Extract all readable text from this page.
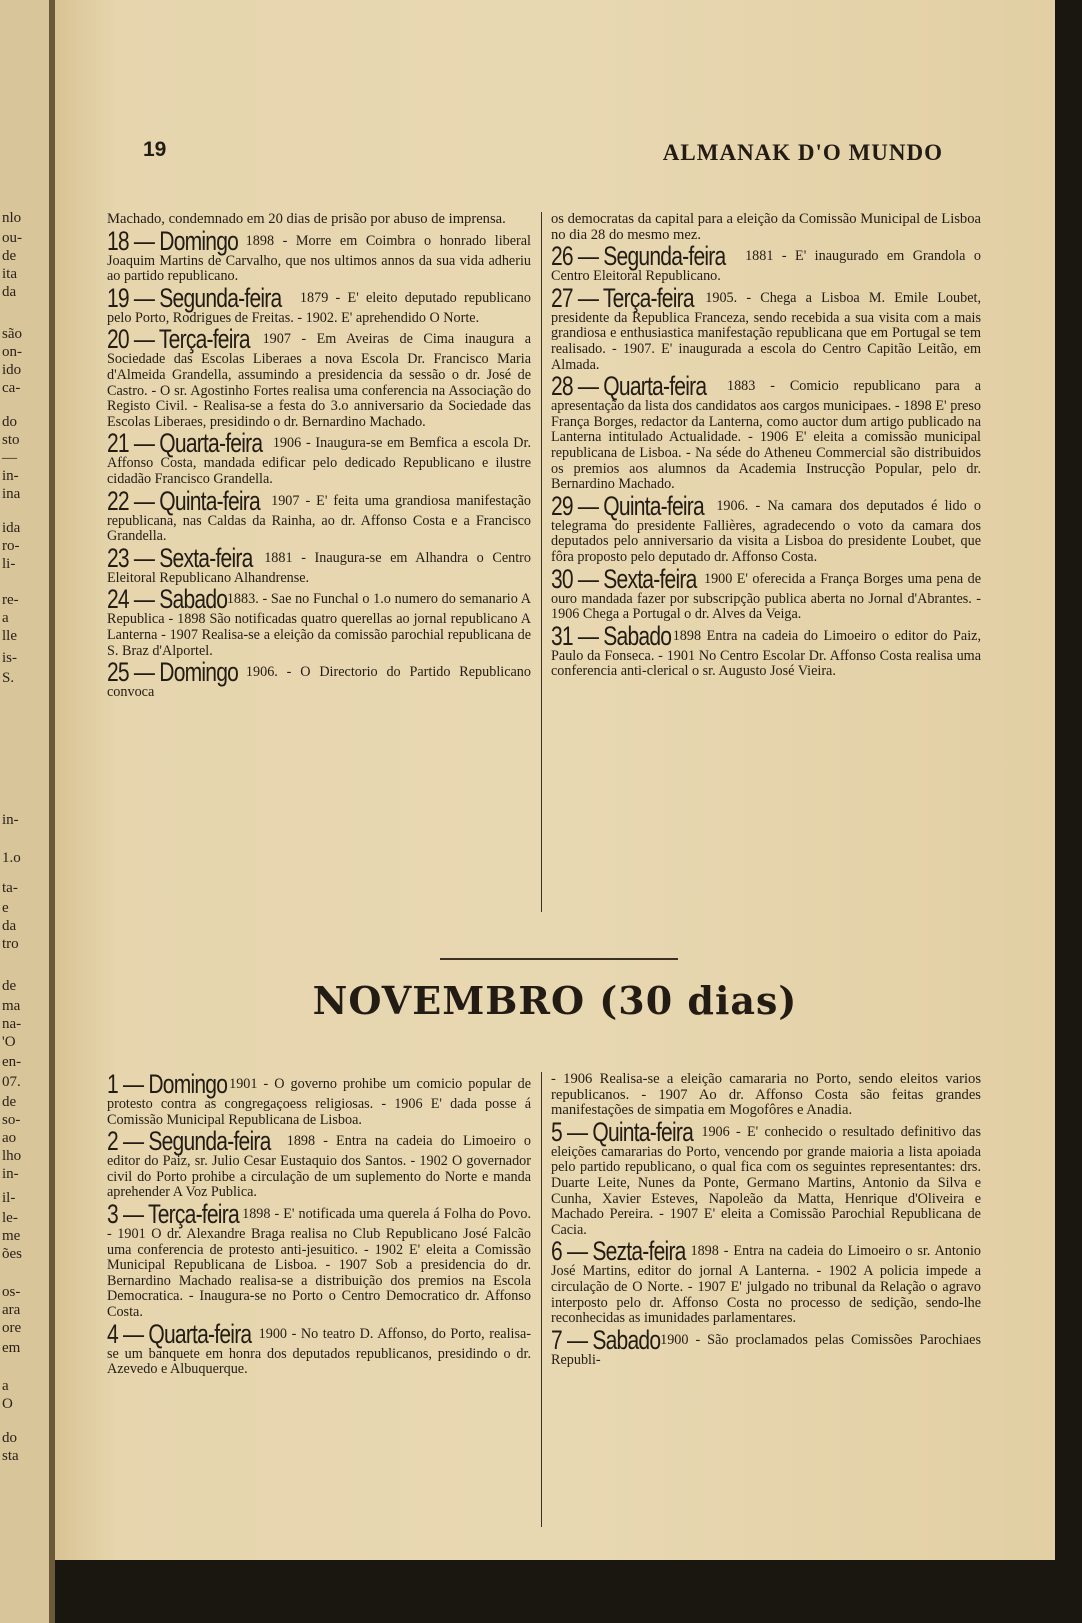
nlo
ou-
de
ita
da
são
on-
ido
ca-
do
sto
—
in-
ina
ida
ro-
li-
re-
a
lle
is-
S.
in-
1.o
ta-
e
da
tro
de
ma
na-
'O
en-
07.
de
so-
ao
lho
in-
il-
le-
me
ões
os-
ara
ore
em
a
O
do
sta
19	ALMANAK D'O MUNDO

Machado, condemnado em 20 dias de prisão por abuso de imprensa.

18 — Domingo 1898 - Morre em Coimbra o honrado liberal Joaquim Martins de Carvalho, que nos ultimos annos da sua vida adheriu ao partido republicano.

19 — Segunda-feira 1879 - E' eleito deputado republicano pelo Porto, Rodrigues de Freitas. - 1902. E' aprehendido O Norte.

20 — Terça-feira 1907 - Em Aveiras de Cima inaugura a Sociedade das Escolas Liberaes a nova Escola Dr. Francisco Maria d'Almeida Grandella, assumindo a presidencia da sessão o dr. José de Castro. - O sr. Agostinho Fortes realisa uma conferencia na Associação do Registo Civil. - Realisa-se a festa do 3.o anniversario da Sociedade das Escolas Liberaes, presidindo o dr. Bernardino Machado.

21 — Quarta-feira 1906 - Inaugura-se em Bemfica a escola Dr. Affonso Costa, mandada edificar pelo dedicado Republicano e ilustre cidadão Francisco Grandella.

22 — Quinta-feira 1907 - E' feita uma grandiosa manifestação republicana, nas Caldas da Rainha, ao dr. Affonso Costa e a Francisco Grandella.

23 — Sexta-feira 1881 - Inaugura-se em Alhandra o Centro Eleitoral Republicano Alhandrense.

24 — Sabado 1883. - Sae no Funchal o 1.o numero do semanario A Republica - 1898 São notificadas quatro querellas ao jornal republicano A Lanterna - 1907 Realisa-se a eleição da comissão parochial republicana de S. Braz d'Alportel.

25 — Domingo 1906. - O Directorio do Partido Republicano convoca

os democratas da capital para a eleição da Comissão Municipal de Lisboa no dia 28 do mesmo mez.

26 — Segunda-feira 1881 - E' inaugurado em Grandola o Centro Eleitoral Republicano.

27 — Terça-feira 1905. - Chega a Lisboa M. Emile Loubet, presidente da Republica Franceza, sendo recebida a sua visita com a mais grandiosa e enthusiastica manifestação republicana que em Portugal se tem realisado. - 1907. E' inaugurada a escola do Centro Capitão Leitão, em Almada.

28 — Quarta-feira 1883 - Comicio republicano para a apresentação da lista dos candidatos aos cargos municipaes. - 1898 E' preso França Borges, redactor da Lanterna, como auctor dum artigo publicado na Lanterna intitulado Actualidade. - 1906 E' eleita a comissão municipal republicana de Lisboa. - Na séde do Atheneu Commercial são distribuidos os premios aos alumnos da Academia Instrucção Popular, pelo dr. Bernardino Machado.

29 — Quinta-feira 1906. - Na camara dos deputados é lido o telegrama do presidente Fallières, agradecendo o voto da camara dos deputados pelo anniversario da visita a Lisboa do presidente Loubet, que fôra proposto pelo deputado dr. Affonso Costa.

30 — Sexta-feira 1900 E' oferecida a França Borges uma pena de ouro mandada fazer por subscripção publica aberta no Jornal d'Abrantes. - 1906 Chega a Portugal o dr. Alves da Veiga.

31 — Sabado 1898 Entra na cadeia do Limoeiro o editor do Paiz, Paulo da Fonseca. - 1901 No Centro Escolar Dr. Affonso Costa realisa uma conferencia anti-clerical o sr. Augusto José Vieira.

NOVEMBRO (30 dias)

1 — Domingo 1901 - O governo prohibe um comicio popular de protesto contra as congregaçoess religiosas. - 1906 E' dada posse á Comissão Municipal Republicana de Lisboa.

2 — Segunda-feira 1898 - Entra na cadeia do Limoeiro o editor do Paiz, sr. Julio Cesar Eustaquio dos Santos. - 1902 O governador civil do Porto prohibe a circulação de um suplemento do Norte e manda aprehender A Voz Publica.

3 — Terça-feira 1898 - E' notificada uma querela á Folha do Povo. - 1901 O dr. Alexandre Braga realisa no Club Republicano José Falcão uma conferencia de protesto anti-jesuitico. - 1902 E' eleita a Comissão Municipal Republicana de Lisboa. - 1907 Sob a presidencia do dr. Bernardino Machado realisa-se a distribuição dos premios na Escola Democratica. - Inaugura-se no Porto o Centro Democratico dr. Affonso Costa.

4 — Quarta-feira 1900 - No teatro D. Affonso, do Porto, realisa-se um banquete em honra dos deputados republicanos, presidindo o dr. Azevedo e Albuquerque.

- 1906 Realisa-se a eleição camararia no Porto, sendo eleitos varios republicanos. - 1907 Ao dr. Affonso Costa são feitas grandes manifestações de simpatia em Mogofôres e Anadia.

5 — Quinta-feira 1906 - E' conhecido o resultado definitivo das eleições camararias do Porto, vencendo por grande maioria a lista apoiada pelo partido republicano, o qual fica com os seguintes representantes: drs. Duarte Leite, Nunes da Ponte, Germano Martins, Antonio da Silva e Cunha, Xavier Esteves, Napoleão da Matta, Henrique d'Oliveira e Machado Pereira. - 1907 E' eleita a Comissão Parochial Republicana de Cacia.

6 — Sezta-feira 1898 - Entra na cadeia do Limoeiro o sr. Antonio José Martins, editor do jornal A Lanterna. - 1902 A policia impede a circulação de O Norte. - 1907 E' julgado no tribunal da Relação o agravo interposto pelo dr. Affonso Costa no processo de sedição, sendo-lhe reconhecidas as imunidades parlamentares.

7 — Sabado 1900 - São proclamados pelas Comissões Parochiaes Republi-
